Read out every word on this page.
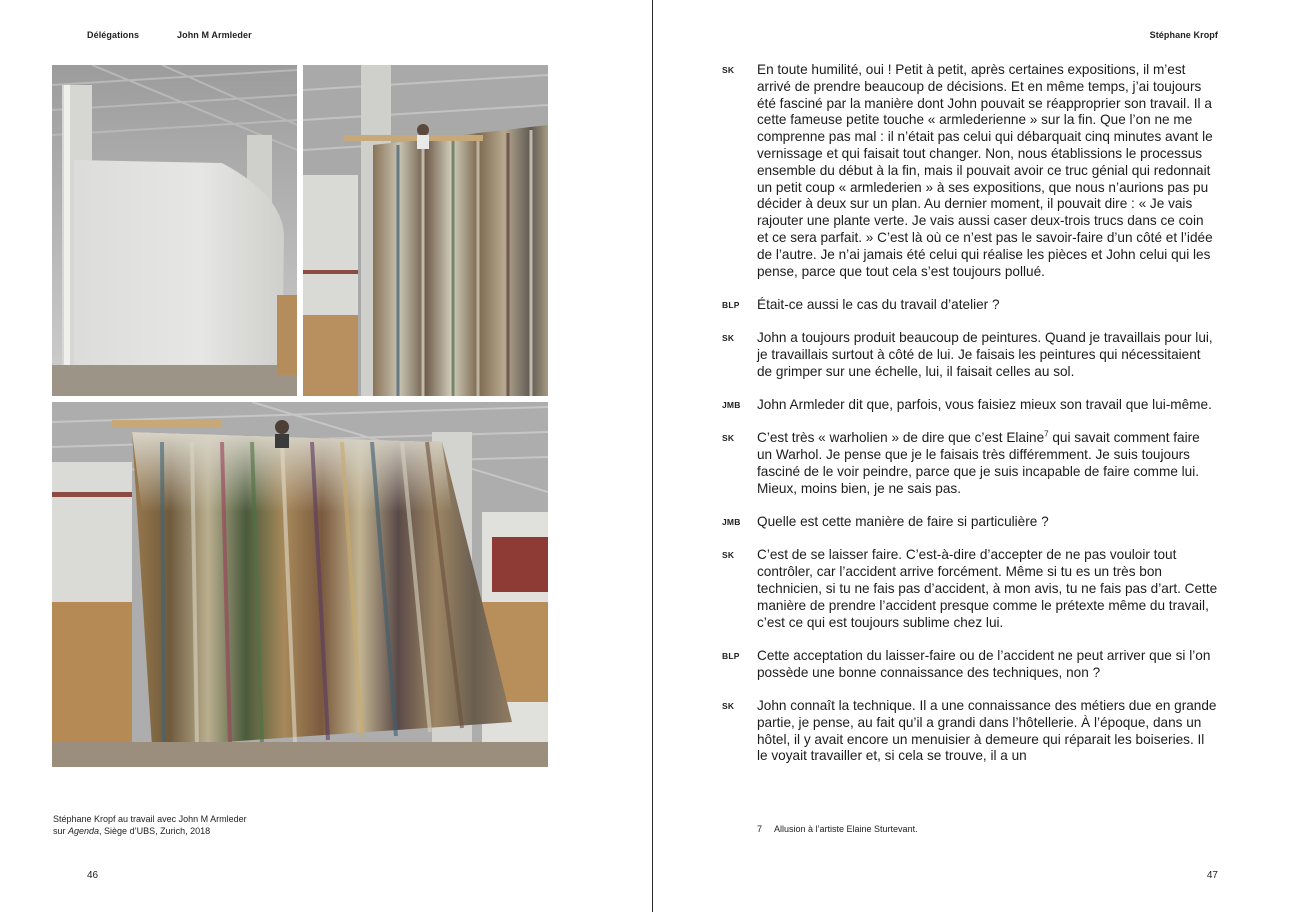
Délégations	John M Armleder
Stéphane Kropf au travail avec John M Armleder
sur Agenda, Siège d’UBS, Zurich, 2018
46
Stéphane Kropf
SK En toute humilité, oui ! Petit à petit, après certaines expositions, il m’est arrivé de prendre beaucoup de décisions. Et en même temps, j’ai toujours été fasciné par la manière dont John pouvait se réapproprier son travail. Il a cette fameuse petite touche « armlederienne » sur la fin. Que l’on ne me comprenne pas mal : il n’était pas celui qui débarquait cinq minutes avant le vernissage et qui faisait tout changer. Non, nous établissions le processus ensemble du début à la fin, mais il pouvait avoir ce truc génial qui redonnait un petit coup « armlederien » à ses expositions, que nous n’aurions pas pu décider à deux sur un plan. Au dernier moment, il pouvait dire : « Je vais rajouter une plante verte. Je vais aussi caser deux-trois trucs dans ce coin et ce sera parfait. » C’est là où ce n’est pas le savoir-faire d’un côté et l’idée de l’autre. Je n’ai jamais été celui qui réalise les pièces et John celui qui les pense, parce que tout cela s’est toujours pollué.

BLP Était-ce aussi le cas du travail d’atelier ?

SK John a toujours produit beaucoup de peintures. Quand je travaillais pour lui, je travaillais surtout à côté de lui. Je faisais les peintures qui nécessitaient de grimper sur une échelle, lui, il faisait celles au sol.

JMB John Armleder dit que, parfois, vous faisiez mieux son travail que lui-même.

SK C’est très « warholien » de dire que c’est Elaine$^7$ qui savait comment faire un Warhol. Je pense que je le faisais très différemment. Je suis toujours fasciné de le voir peindre, parce que je suis incapable de faire comme lui. Mieux, moins bien, je ne sais pas.

JMB Quelle est cette manière de faire si particulière ?

SK C’est de se laisser faire. C’est-à-dire d’accepter de ne pas vouloir tout contrôler, car l’accident arrive forcément. Même si tu es un très bon technicien, si tu ne fais pas d’accident, à mon avis, tu ne fais pas d’art. Cette manière de prendre l’accident presque comme le prétexte même du travail, c’est ce qui est toujours sublime chez lui.

BLP Cette acceptation du laisser-faire ou de l’accident ne peut arriver que si l’on possède une bonne connaissance des techniques, non ?

SK John connaît la technique. Il a une connaissance des métiers due en grande partie, je pense, au fait qu’il a grandi dans l’hôtellerie. À l’époque, dans un hôtel, il y avait encore un menuisier à demeure qui réparait les boiseries. Il le voyait travailler et, si cela se trouve, il a un

7 Allusion à l’artiste Elaine Sturtevant.
47
